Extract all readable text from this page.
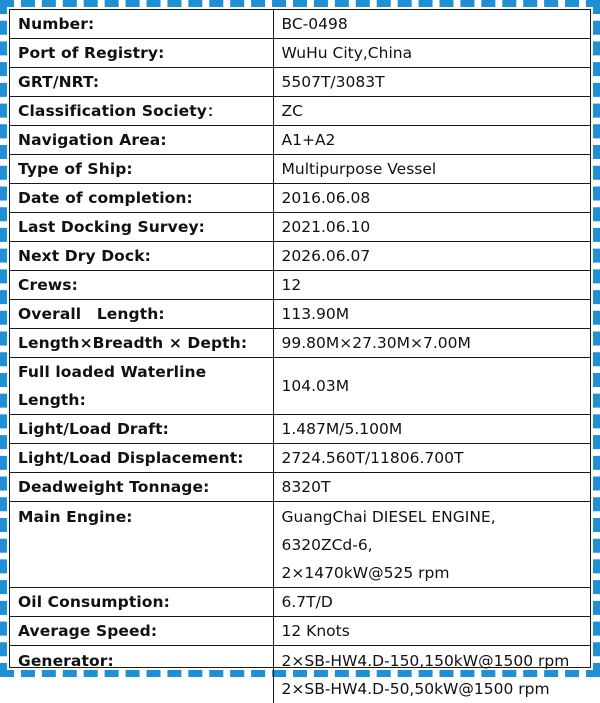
Number:	BC-0498
Port of Registry:	WuHu City,China
GRT/NRT:	5507T/3083T
Classification Society：	ZC
Navigation Area:	A1+A2
Type of Ship:	Multipurpose Vessel
Date of completion:	2016.06.08
Last Docking Survey:	2021.06.10
Next Dry Dock:	2026.06.07
Crews:	12
Overall　Length:	113.90M
Length×Breadth × Depth:	99.80M×27.30M×7.00M
Full loaded Waterline Length:	104.03M
Light/Load Draft:	1.487M/5.100M
Light/Load Displacement:	2724.560T/11806.700T
Deadweight Tonnage:	8320T
Main Engine:	GuangChai DIESEL ENGINE,
6320ZCd-6,
2×1470kW@525 rpm

Oil Consumption:	6.7T/D
Average Speed:	12 Knots
Generator:	2×SB-HW4.D-150,150kW@1500 rpm
2×SB-HW4.D-50,50kW@1500 rpm
